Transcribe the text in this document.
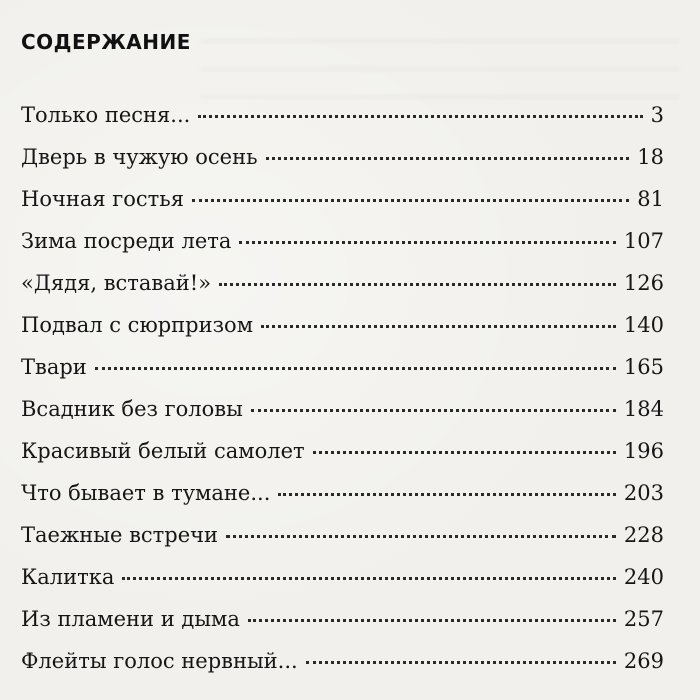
СОДЕРЖАНИЕ
Только песня...	3
Дверь в чужую осень	18
Ночная гостья	81
Зима посреди лета	107
«Дядя, вставай!»	126
Подвал с сюрпризом	140
Твари	165
Всадник без головы	184
Красивый белый самолет	196
Что бывает в тумане...	203
Таежные встречи	228
Калитка	240
Из пламени и дыма	257
Флейты голос нервный...	269
